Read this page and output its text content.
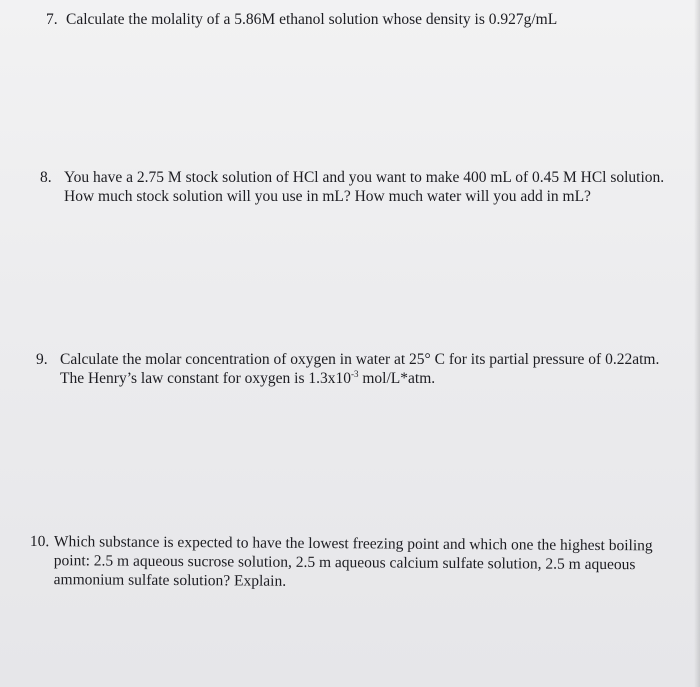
7. Calculate the molality of a 5.86M ethanol solution whose density is 0.927g/mL
8. You have a 2.75 M stock solution of HCl and you want to make 400 mL of 0.45 M HCl solution.
How much stock solution will you use in mL? How much water will you add in mL?
9. Calculate the molar concentration of oxygen in water at 25° C for its partial pressure of 0.22atm.
The Henry’s law constant for oxygen is $1.3x10^{-3}$ mol/L*atm.
10. Which substance is expected to have the lowest freezing point and which one the highest boiling
point: 2.5 m aqueous sucrose solution, 2.5 m aqueous calcium sulfate solution, 2.5 m aqueous
ammonium sulfate solution? Explain.
